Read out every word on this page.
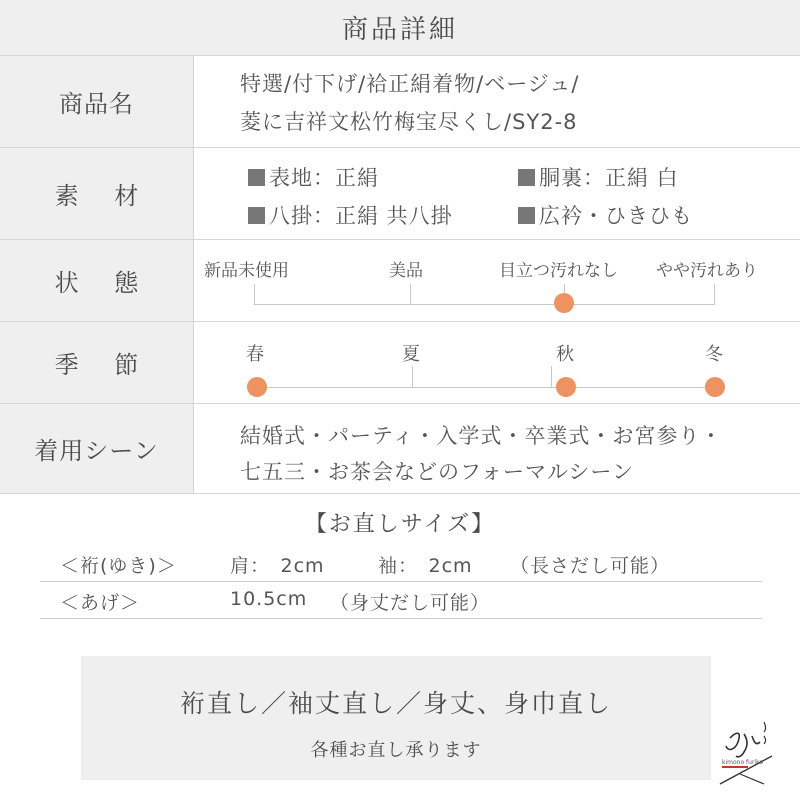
商品詳細
商品名
特選/付下げ/袷正絹着物/ベージュ/
菱に吉祥文松竹梅宝尽くし/SY2-8
素 材
表地：正絹	胴裏：正絹 白
八掛：正絹 共八掛	広衿・ひきひも
状 態	新品未使用	美品	目立つ汚れなし やや汚れあり
季 節	春	夏	秋	冬
着用シーン
結婚式・パーティ・入学式・卒業式・お宮参り・
七五三・お茶会などのフォーマルシーン
【お直しサイズ】
＜裄(ゆき)＞	肩：　2cm	袖：　2cm （長さだし可能）
＜あげ＞	10.5cm （身丈だし可能）
裄直し／袖丈直し／身丈、身巾直し
各種お直し承ります
kimono furiko
